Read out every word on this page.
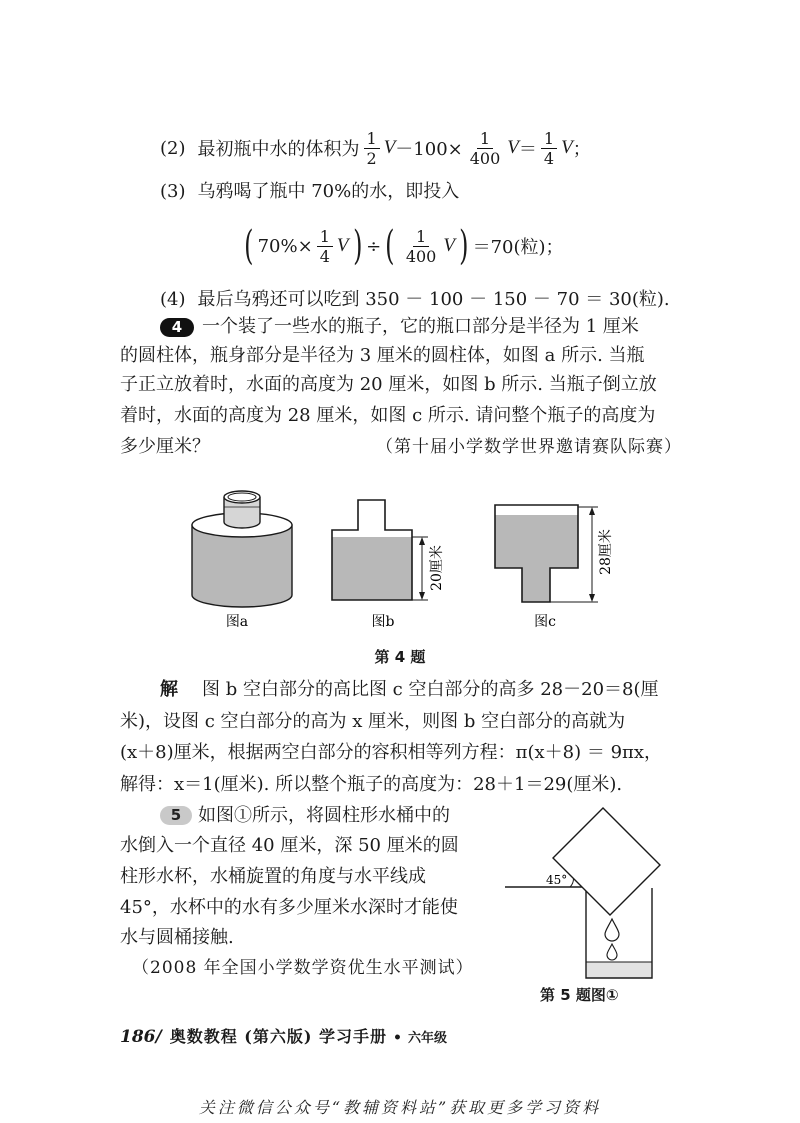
(2) 最初瓶中水的体积为 $\frac{1}{2}$ $V -100\times \frac{1}{400}$ $V = \frac{1}{4}$ V ；
(3) 乌鸦喝了瓶中 70%的水，即投入
( $70\%\times \frac{1}{4}$ V ) ÷ ( $\frac{1}{400}$ V ) ＝70(粒)；
(4) 最后乌鸦还可以吃到 350 － 100 － 150 － 70 ＝ 30(粒).
4	一个装了一些水的瓶子，它的瓶口部分是半径为 1 厘米
的圆柱体，瓶身部分是半径为 3 厘米的圆柱体，如图 a 所示. 当瓶
子正立放着时，水面的高度为 20 厘米，如图 b 所示. 当瓶子倒立放
着时，水面的高度为 28 厘米，如图 c 所示. 请问整个瓶子的高度为
多少厘米？	（第十届小学数学世界邀请赛队际赛）
20厘米	28厘米
图a	图b	图c
第 4 题
解 图 b 空白部分的高比图 c 空白部分的高多 28－20＝8(厘
米)，设图 c 空白部分的高为 x 厘米，则图 b 空白部分的高就为
(x＋8)厘米，根据两空白部分的容积相等列方程：π(x＋8) ＝ 9πx，
解得：x＝1(厘米). 所以整个瓶子的高度为：28＋1＝29(厘米).
5 如图①所示，将圆柱形水桶中的
水倒入一个直径 40 厘米，深 50 厘米的圆
柱形水杯，水桶旋置的角度与水平线成
45°，水杯中的水有多少厘米水深时才能使
水与圆桶接触.
（2008 年全国小学数学资优生水平测试）
45°
第 5 题图①
186/ 奥数教程 (第六版) 学习手册 • 六年级
关注微信公众号“教辅资料站”获取更多学习资料
